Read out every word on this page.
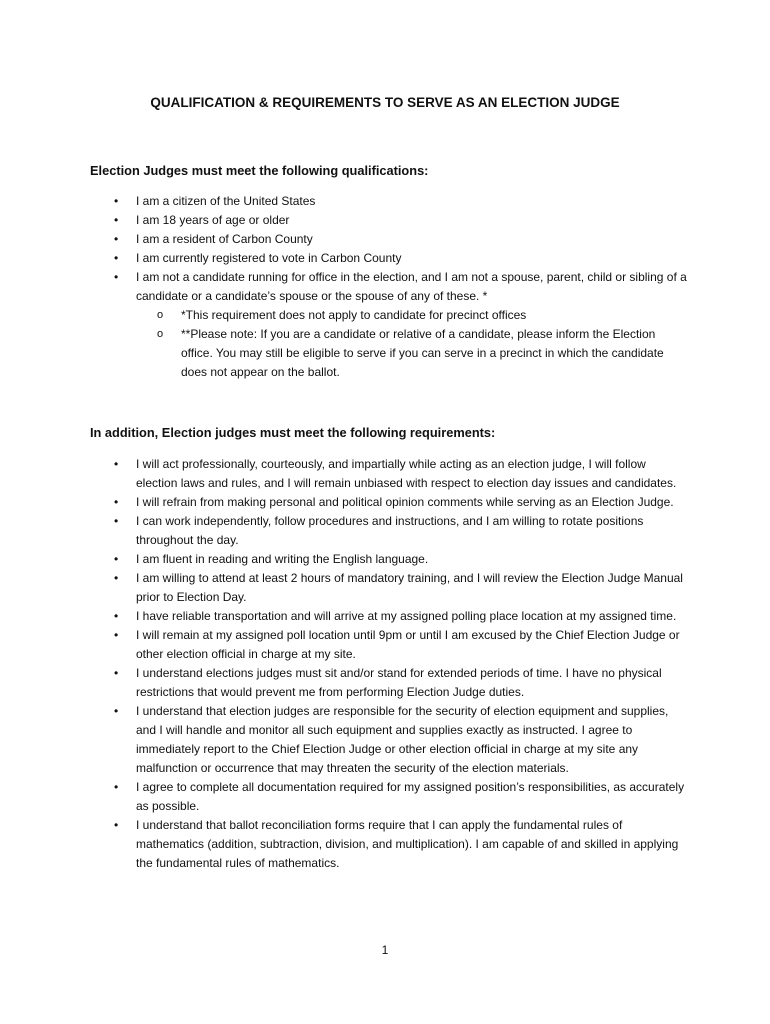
QUALIFICATION & REQUIREMENTS TO SERVE AS AN ELECTION JUDGE
Election Judges must meet the following qualifications:
• I am a citizen of the United States
• I am 18 years of age or older
• I am a resident of Carbon County
• I am currently registered to vote in Carbon County
• I am not a candidate running for office in the election, and I am not a spouse, parent, child or sibling of a candidate or a candidate’s spouse or the spouse of any of these. *
o *This requirement does not apply to candidate for precinct offices
o **Please note: If you are a candidate or relative of a candidate, please inform the Election office. You may still be eligible to serve if you can serve in a precinct in which the candidate does not appear on the ballot.
In addition, Election judges must meet the following requirements:
• I will act professionally, courteously, and impartially while acting as an election judge, I will follow election laws and rules, and I will remain unbiased with respect to election day issues and candidates.
• I will refrain from making personal and political opinion comments while serving as an Election Judge.
• I can work independently, follow procedures and instructions, and I am willing to rotate positions throughout the day.
• I am fluent in reading and writing the English language.
• I am willing to attend at least 2 hours of mandatory training, and I will review the Election Judge Manual prior to Election Day.
• I have reliable transportation and will arrive at my assigned polling place location at my assigned time.
• I will remain at my assigned poll location until 9pm or until I am excused by the Chief Election Judge or other election official in charge at my site.
• I understand elections judges must sit and/or stand for extended periods of time. I have no physical restrictions that would prevent me from performing Election Judge duties.
• I understand that election judges are responsible for the security of election equipment and supplies, and I will handle and monitor all such equipment and supplies exactly as instructed. I agree to immediately report to the Chief Election Judge or other election official in charge at my site any malfunction or occurrence that may threaten the security of the election materials.
• I agree to complete all documentation required for my assigned position’s responsibilities, as accurately as possible.
• I understand that ballot reconciliation forms require that I can apply the fundamental rules of mathematics (addition, subtraction, division, and multiplication). I am capable of and skilled in applying the fundamental rules of mathematics.

1
